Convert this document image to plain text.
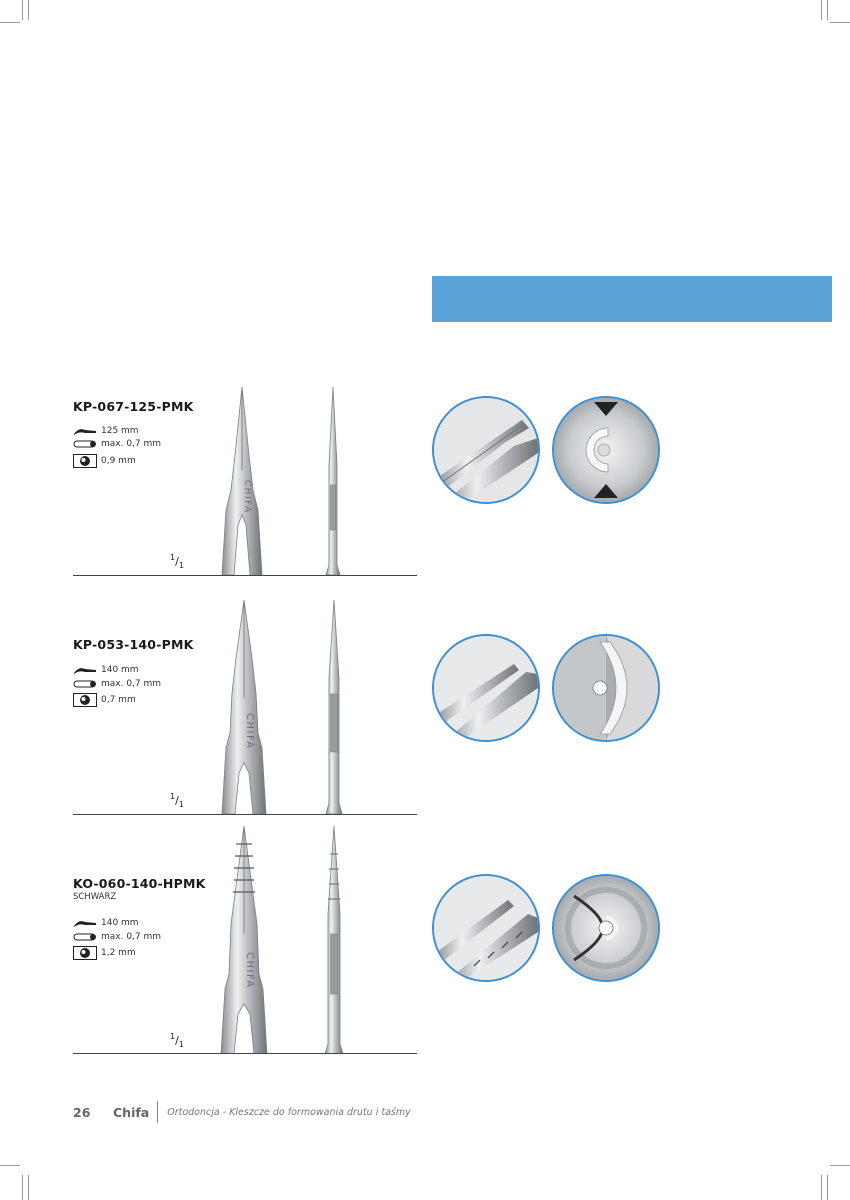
KP-067-125-PMK
125 mm
max. 0,7 mm
0,9 mm
$^1/_1$
CHIFA
KP-053-140-PMK
140 mm
max. 0,7 mm
0,7 mm
$^1/_1$
CHIFA
KO-060-140-HPMK
SCHWARZ
140 mm
max. 0,7 mm
1,2 mm
$^1/_1$
CHIFA
26	Chifa Ortodoncja - Kleszcze do formowania drutu i taśmy
